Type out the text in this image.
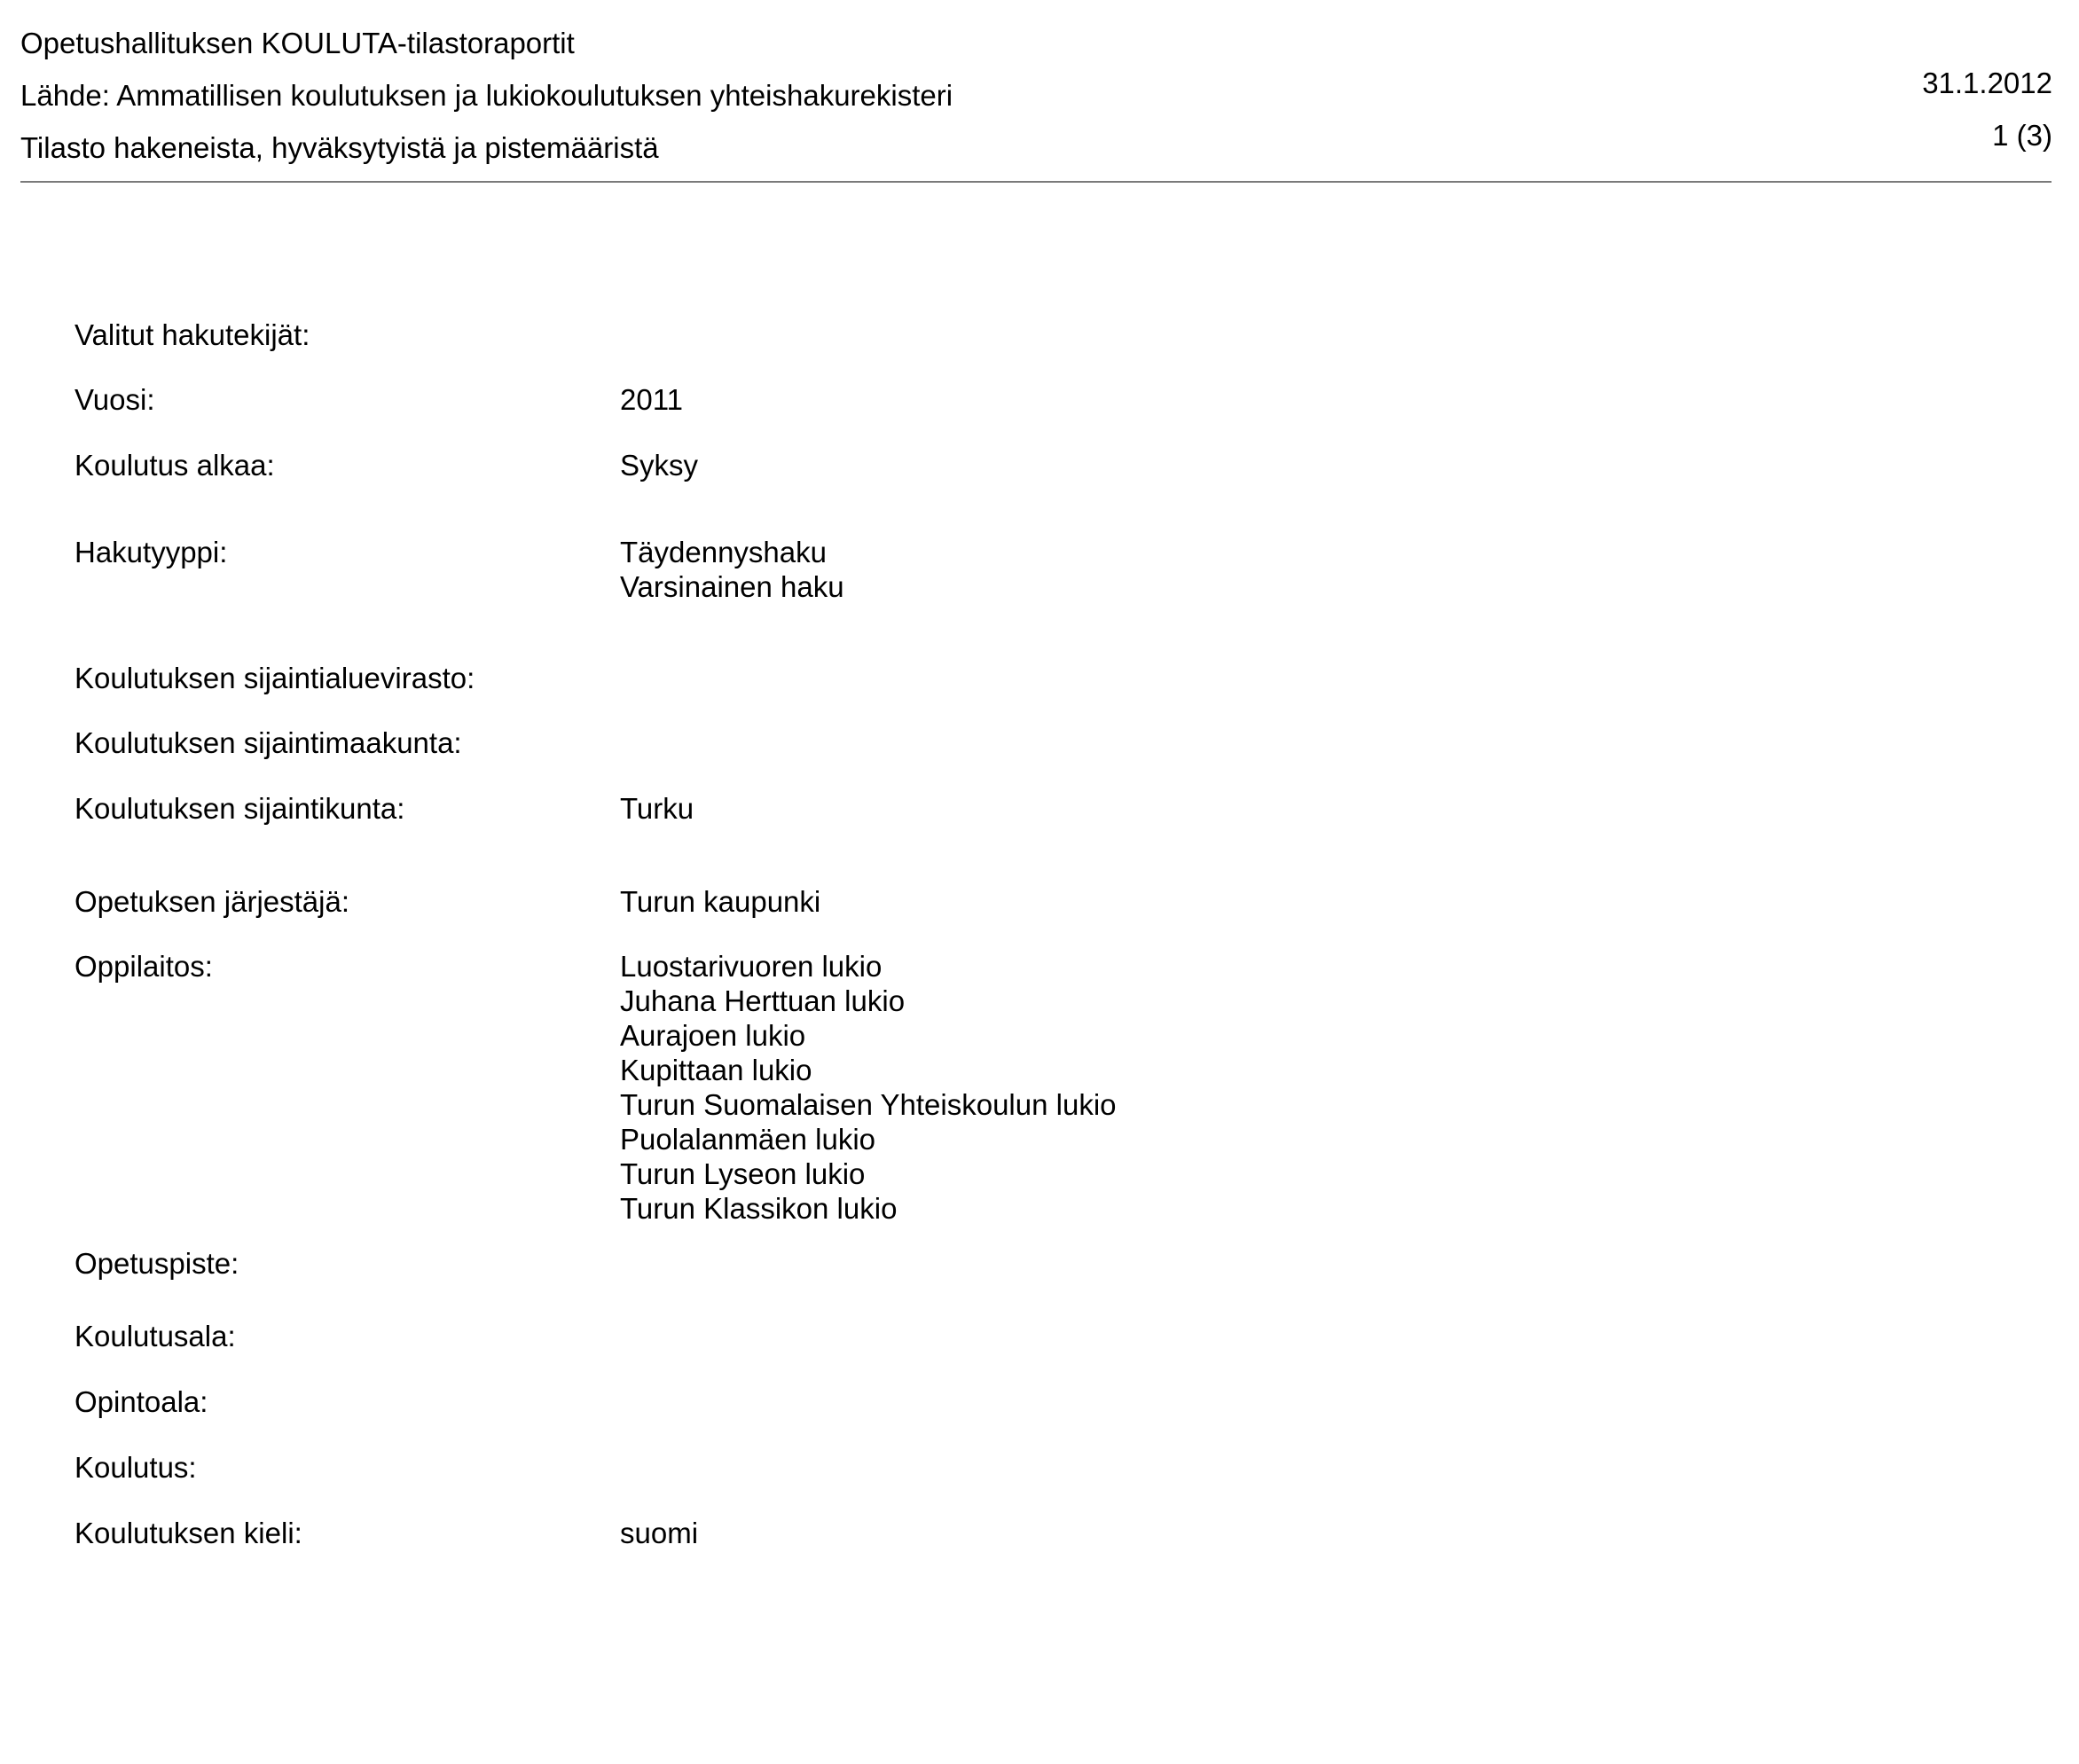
Opetushallituksen KOULUTA-tilastoraportit
Lähde: Ammatillisen koulutuksen ja lukiokoulutuksen yhteishakurekisteri
Tilasto hakeneista, hyväksytyistä ja pistemääristä
31.1.2012
1 (3)
Valitut hakutekijät:
Vuosi:	2011
Koulutus alkaa:	Syksy
Hakutyyppi:	Täydennyshaku
Varsinainen haku
Koulutuksen sijaintialuevirasto:
Koulutuksen sijaintimaakunta:
Koulutuksen sijaintikunta:	Turku
Opetuksen järjestäjä:	Turun kaupunki
Oppilaitos:	Luostarivuoren lukio
Juhana Herttuan lukio
Aurajoen lukio
Kupittaan lukio
Turun Suomalaisen Yhteiskoulun lukio
Puolalanmäen lukio
Turun Lyseon lukio
Turun Klassikon lukio
Opetuspiste:
Koulutusala:
Opintoala:
Koulutus:
Koulutuksen kieli:	suomi
